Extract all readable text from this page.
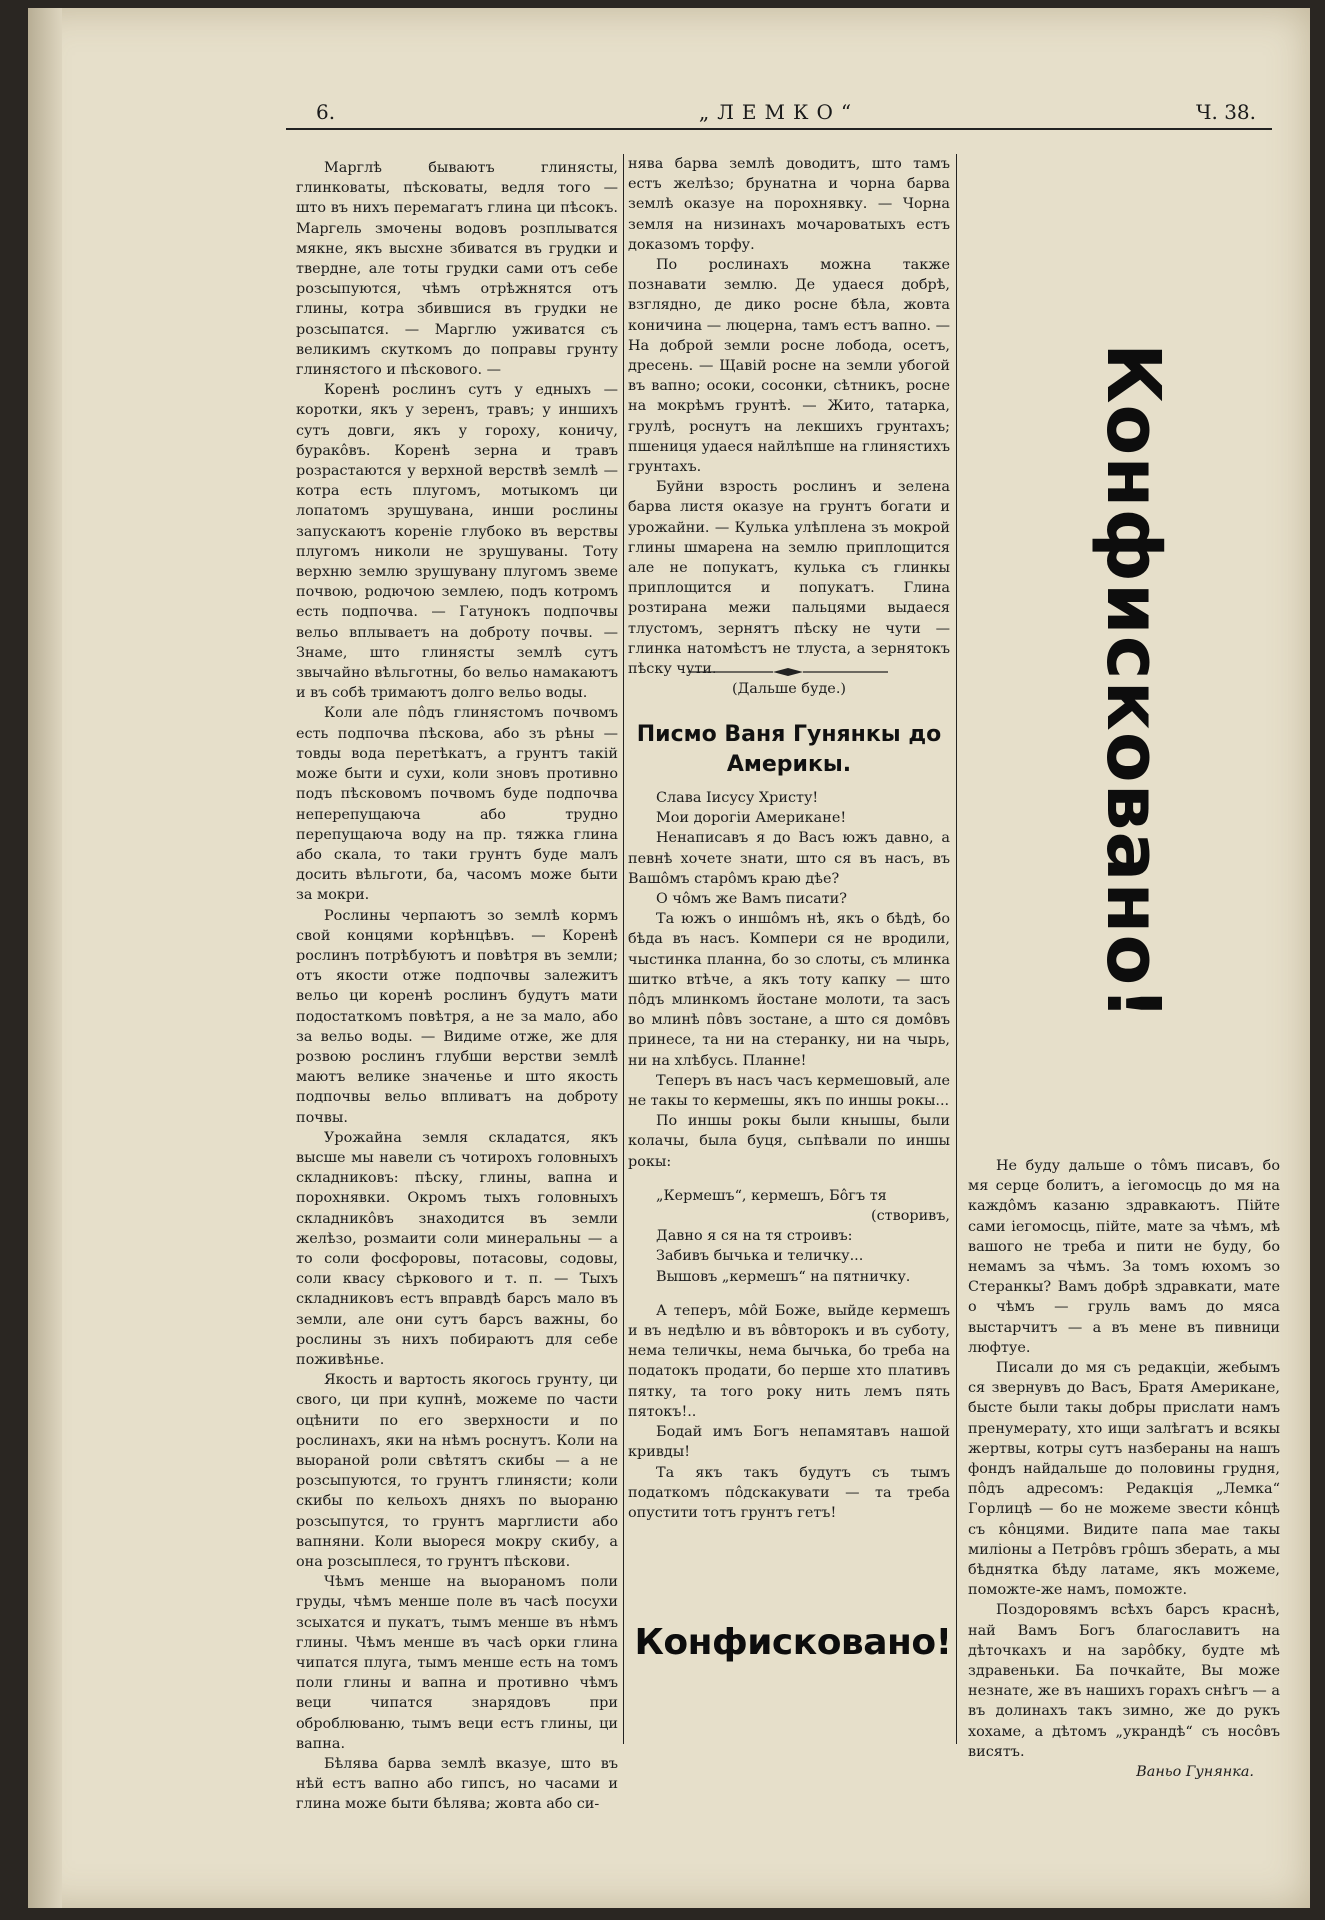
6.	„ЛЕМКО“	Ч. 38.

Марглѣ бываютъ глинясты, глинковаты, пѣсковаты, ведля того — што въ нихъ перемагатъ глина ци пѣсокъ. Маргель змочены водовъ розплыватся мякне, якъ высхне збиватся въ грудки и твердне, але тоты грудки сами отъ себе розсыпуются, чѣмъ отрѣжнятся отъ глины, котра збившися въ грудки не розсыпатся. — Марглю уживатся съ великимъ скуткомъ до поправы грунту глинястого и пѣскового. —

Коренѣ рослинъ сутъ у едныхъ — коротки, якъ у зеренъ, травъ; у иншихъ сутъ довги, якъ у гороху, коничу, буракôвъ. Коренѣ зерна и травъ розрастаются у верхной верствѣ землѣ — котра есть плугомъ, мотыкомъ ци лопатомъ зрушувана, инши рослины запускаютъ коренiе глубоко въ верствы плугомъ николи не зрушуваны. Тоту верхню землю зрушувану плугомъ звеме почвою, родючою землею, подъ котромъ есть подпочва. — Гатунокъ подпочвы вельо вплываетъ на доброту почвы. — Знаме, што глинясты землѣ сутъ звычайно вѣльготны, бо вельо намакаютъ и въ собѣ тримаютъ долго вельо воды.

Коли але пôдъ глинястомъ почвомъ есть подпочва пѣскова, або зъ рѣны — товды вода перетѣкатъ, а грунтъ такій може быти и сухи, коли зновъ противно подъ пѣсковомъ почвомъ буде подпочва неперепущаюча або трудно перепущаюча воду на пр. тяжка глина або скала, то таки грунтъ буде малъ досить вѣльготи, ба, часомъ може быти за мокри.

Рослины черпаютъ зо землѣ кормъ свой концями корѣнцѣвъ. — Коренѣ рослинъ потрѣбуютъ и повѣтря въ земли; отъ якости отже подпочвы залежитъ вельо ци коренѣ рослинъ будутъ мати подостаткомъ повѣтря, а не за мало, або за вельо воды. — Видиме отже, же для розвою рослинъ глубши верстви землѣ маютъ велике значенье и што якость подпочвы вельо впливатъ на доброту почвы.

Урожайна земля складатся, якъ высше мы навели съ чотирохъ головныхъ складниковъ: пѣску, глины, вапна и порохнявки. Окромъ тыхъ головныхъ складникôвъ знаходится въ земли желѣзо, розмаити соли минеральны — а то соли фосфоровы, потасовы, содовы, соли квасу сѣркового и т. п. — Тыхъ складниковъ естъ вправдѣ барсъ мало въ земли, але они сутъ барсъ важны, бо рослины зъ нихъ побираютъ для себе поживѣнье.

Якость и вартость якогось грунту, ци свого, ци при купнѣ, можеме по части оцѣнити по его зверхности и по рослинахъ, яки на нѣмъ роснутъ. Коли на выораной роли свѣтятъ скибы — а не розсыпуются, то грунтъ глинясти; коли скибы по кельохъ дняхъ по выораню розсыпутся, то грунтъ марглисти або вапняни. Коли выореся мокру скибу, а она розсыплеся, то грунтъ пѣскови.

Чѣмъ менше на выораномъ поли груды, чѣмъ менше поле въ часѣ посухи зсыхатся и пукатъ, тымъ менше въ нѣмъ глины. Чѣмъ менше въ часѣ орки глина чипатся плуга, тымъ менше есть на томъ поли глины и вапна и противно чѣмъ веци чипатся знарядовъ при оброблюваню, тымъ веци естъ глины, ци вапна.

Бѣлява барва землѣ вказуе, што въ нѣй естъ вапно або гипсъ, но часами и глина може быти бѣлява; жовта або си-

нява барва землѣ доводитъ, што тамъ естъ желѣзо; брунатна и чорна барва землѣ оказуе на порохнявку. — Чорна земля на низинахъ мочароватыхъ естъ доказомъ торфу.

По рослинахъ можна также познавати землю. Де удаеся добрѣ, взглядно, де дико росне бѣла, жовта коничина — люцерна, тамъ естъ вапно. — На доброй земли росне лобода, осетъ, дресень. — Щавій росне на земли убогой въ вапно; осоки, сосонки, сѣтникъ, росне на мокрѣмъ грунтѣ. — Жито, татарка, грулѣ, роснутъ на лекшихъ грунтахъ; пшениця удаеся найлѣпше на глинястихъ грунтахъ.

Буйни взрость рослинъ и зелена барва листя оказуе на грунтъ богати и урожайни. — Кулька улѣплена зъ мокрой глины шмарена на землю приплощится але не попукатъ, кулька съ глинкы приплощится и попукатъ. Глина розтирана межи пальцями выдаеся тлустомъ, зернятъ пѣску не чути — глинка натомѣстъ не тлуста, а зернятокъ пѣску чути.

(Дальше буде.)

Писмо Ваня Гунянкы до Америкы.

Слава Iисусу Христу!

Мои дорогiи Американе!

Ненаписавъ я до Васъ южъ давно, а певнѣ хочете знати, што ся въ насъ, въ Вашôмъ старôмъ краю дѣе?

О чôмъ же Вамъ писати?

Та южъ о иншôмъ нѣ, якъ о бѣдѣ, бо бѣда въ насъ. Компери ся не вродили, чыстинка планна, бо зо слоты, съ млинка шитко втѣче, а якъ тоту капку — што пôдъ млинкомъ йостане молоти, та засъ во млинѣ пôвъ зостане, а што ся домôвъ принесе, та ни на стеранку, ни на чырь, ни на хлѣбусь. Планне!

Теперъ въ насъ часъ кермешовый, але не такы то кермешы, якъ по иншы рокы...

По иншы рокы были кнышы, были колачы, была буця, сьпѣвали по иншы рокы:

„Кермешъ“, кермешъ, Бôгъ тя

(створивъ,

Давно я ся на тя строивъ:

Забивъ бычька и теличку...

Вышовъ „кермешъ“ на пятничку.

А теперъ, мôй Боже, выйде кермешъ и въ недѣлю и въ вôвторокъ и въ суботу, нема теличкы, нема бычька, бо треба на податокъ продати, бо перше хто плативъ пятку, та того року нить лемъ пять пятокъ!..

Бодай имъ Богъ непамятавъ нашой кривды!

Та якъ такъ будутъ съ тымъ податкомъ пôдскакувати — та треба опустити тотъ грунтъ гетъ!

Конфисковано!
Конфисковано!

Не буду дальше о тôмъ писавъ, бо мя серце болитъ, а iегомосць до мя на каждôмъ казаню здравкаютъ. Пiйте сами iегомосць, пiйте, мате за чѣмъ, мѣ вашого не треба и пити не буду, бо немамъ за чѣмъ. За томъ юхомъ зо Стеранкы? Вамъ добрѣ здравкати, мате о чѣмъ — груль вамъ до мяса выстарчитъ — а въ мене въ пивници люфтуе.

Писали до мя съ редакцiи, жебымъ ся звернувъ до Васъ, Братя Американе, бысте были такы добры прислати намъ пренумерату, хто ищи залѣгатъ и всякы жертвы, котры сутъ назбераны на нашъ фондъ найдальше до половины грудня, пôдъ адресомъ: Редакцiя „Лемка“ Горлицѣ — бо не можеме звести кôнцѣ съ кôнцями. Видите папа мае такы милiоны а Петрôвъ грôшъ зберать, а мы бѣднятка бѣду латаме, якъ можеме, поможте-же намъ, поможте.

Поздоровямъ вcѣхъ барсъ краснѣ, най Вамъ Богъ благославитъ на дѣточкахъ и на зарôбку, будте мѣ здравеньки. Ба почкайте, Вы може незнате, же въ нашихъ горахъ снѣгъ — а въ долинахъ такъ зимно, же до рукъ хохаме, а дѣтомъ „украндѣ“ съ носôвъ висятъ.

Ваньо Гунянка.
